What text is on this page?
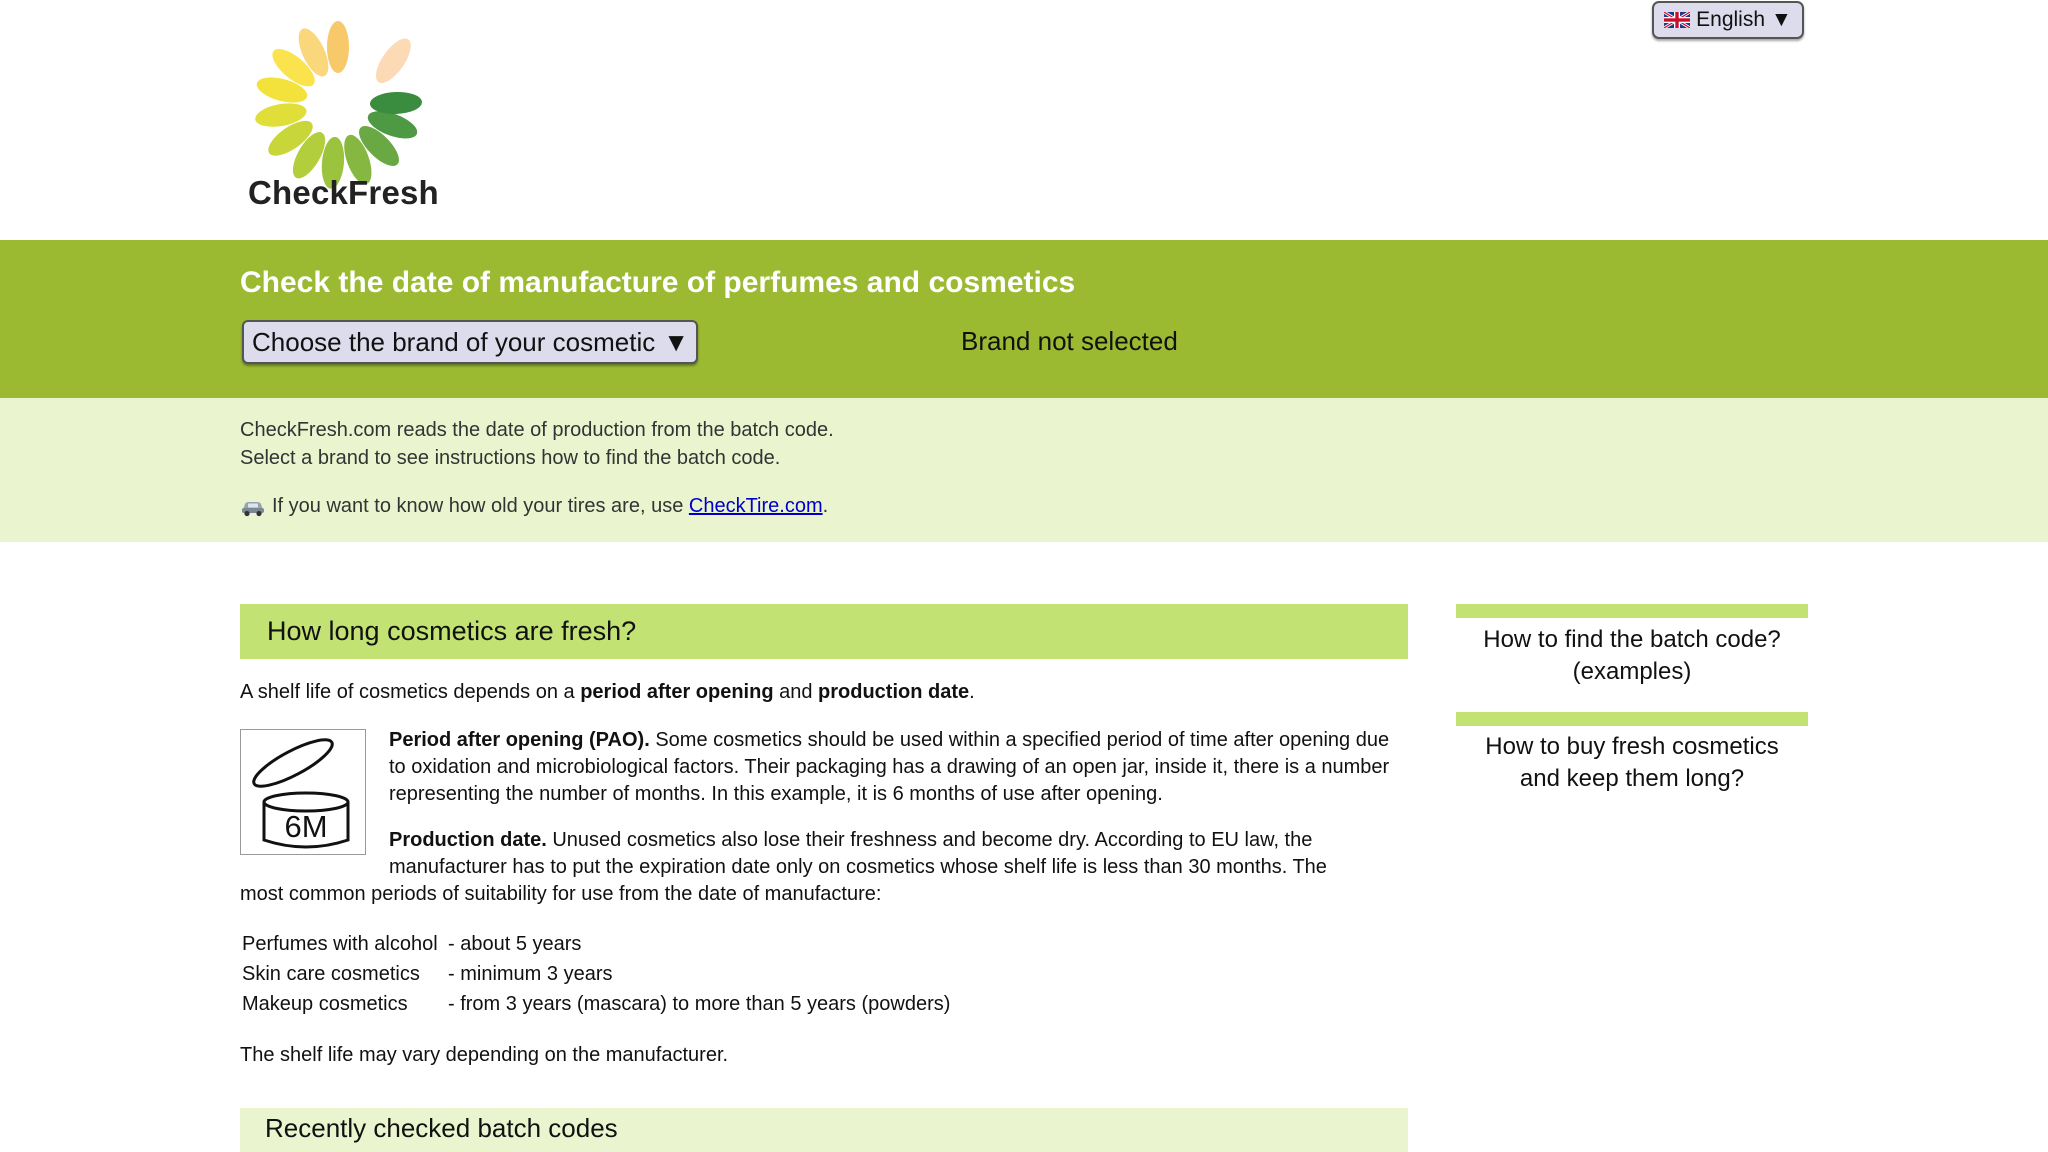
CheckFresh
English ▼
Check the date of manufacture of perfumes and cosmetics
Choose the brand of your cosmetic ▼	Brand not selected
CheckFresh.com reads the date of production from the batch code.
Select a brand to see instructions how to find the batch code.
If you want to know how old your tires are, use CheckTire.com.
How long cosmetics are fresh?
A shelf life of cosmetics depends on a period after opening and production date.
6M
Period after opening (PAO). Some cosmetics should be used within a specified period of time after opening due to oxidation and microbiological factors. Their packaging has a drawing of an open jar, inside it, there is a number representing the number of months. In this example, it is 6 months of use after opening.
Production date. Unused cosmetics also lose their freshness and become dry. According to EU law, the
manufacturer has to put the expiration date only on cosmetics whose shelf life is less than 30 months. The
most common periods of suitability for use from the date of manufacture:
Perfumes with alcohol - about 5 years
Skin care cosmetics - minimum 3 years
Makeup cosmetics - from 3 years (mascara) to more than 5 years (powders)
The shelf life may vary depending on the manufacturer.
Recently checked batch codes
How to find the batch code?
(examples)
How to buy fresh cosmetics
and keep them long?
